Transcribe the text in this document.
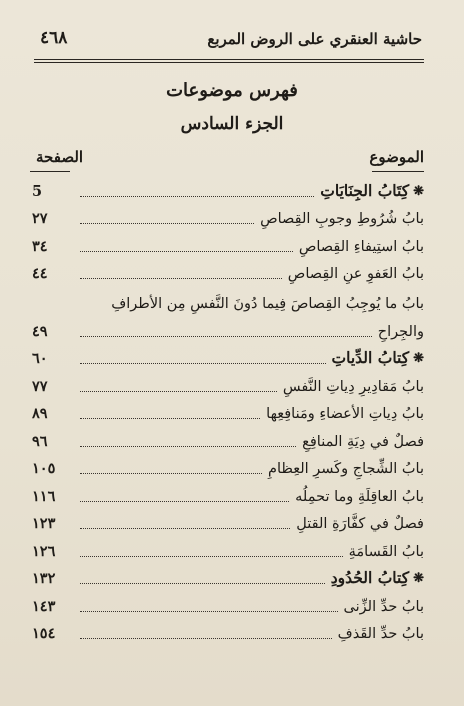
حاشية العنقري على الروض المربع
٤٦٨
فهرس موضوعات
الجزء السادس
الموضوع
الصفحة
❋
كِتَابُ الجِنَايَاتِ
5
بابُ شُرُوطِ وجوبِ القِصاصِ
٢٧
بابُ استِيفاءِ القِصاصِ
٣٤
بابُ العَفوِ عنِ القِصاصِ
٤٤
بابُ ما يُوجِبُ القِصاصَ فِيما دُونَ النَّفسِ مِن الأطرافِ
والجِراحِ
٤٩
❋
كِتابُ الدِّياتِ
٦٠
بابُ مَقادِيرِ دِياتِ النَّفسِ
٧٧
بابُ دِياتِ الأعضاءِ ومَنافِعِها
٨٩
فصلٌ في دِيَةِ المنافِعِ
٩٦
بابُ الشِّجاجِ وكَسرِ العِظامِ
١٠٥
بابُ العاقِلَةِ وما تحمِلُه
١١٦
فصلٌ في كفَّارَةِ القتلِ
١٢٣
بابُ القَسامَةِ
١٢٦
❋
كِتابُ الحُدُودِ
١٣٢
بابُ حدِّ الزِّنى
١٤٣
بابُ حدِّ القَذفِ
١٥٤
